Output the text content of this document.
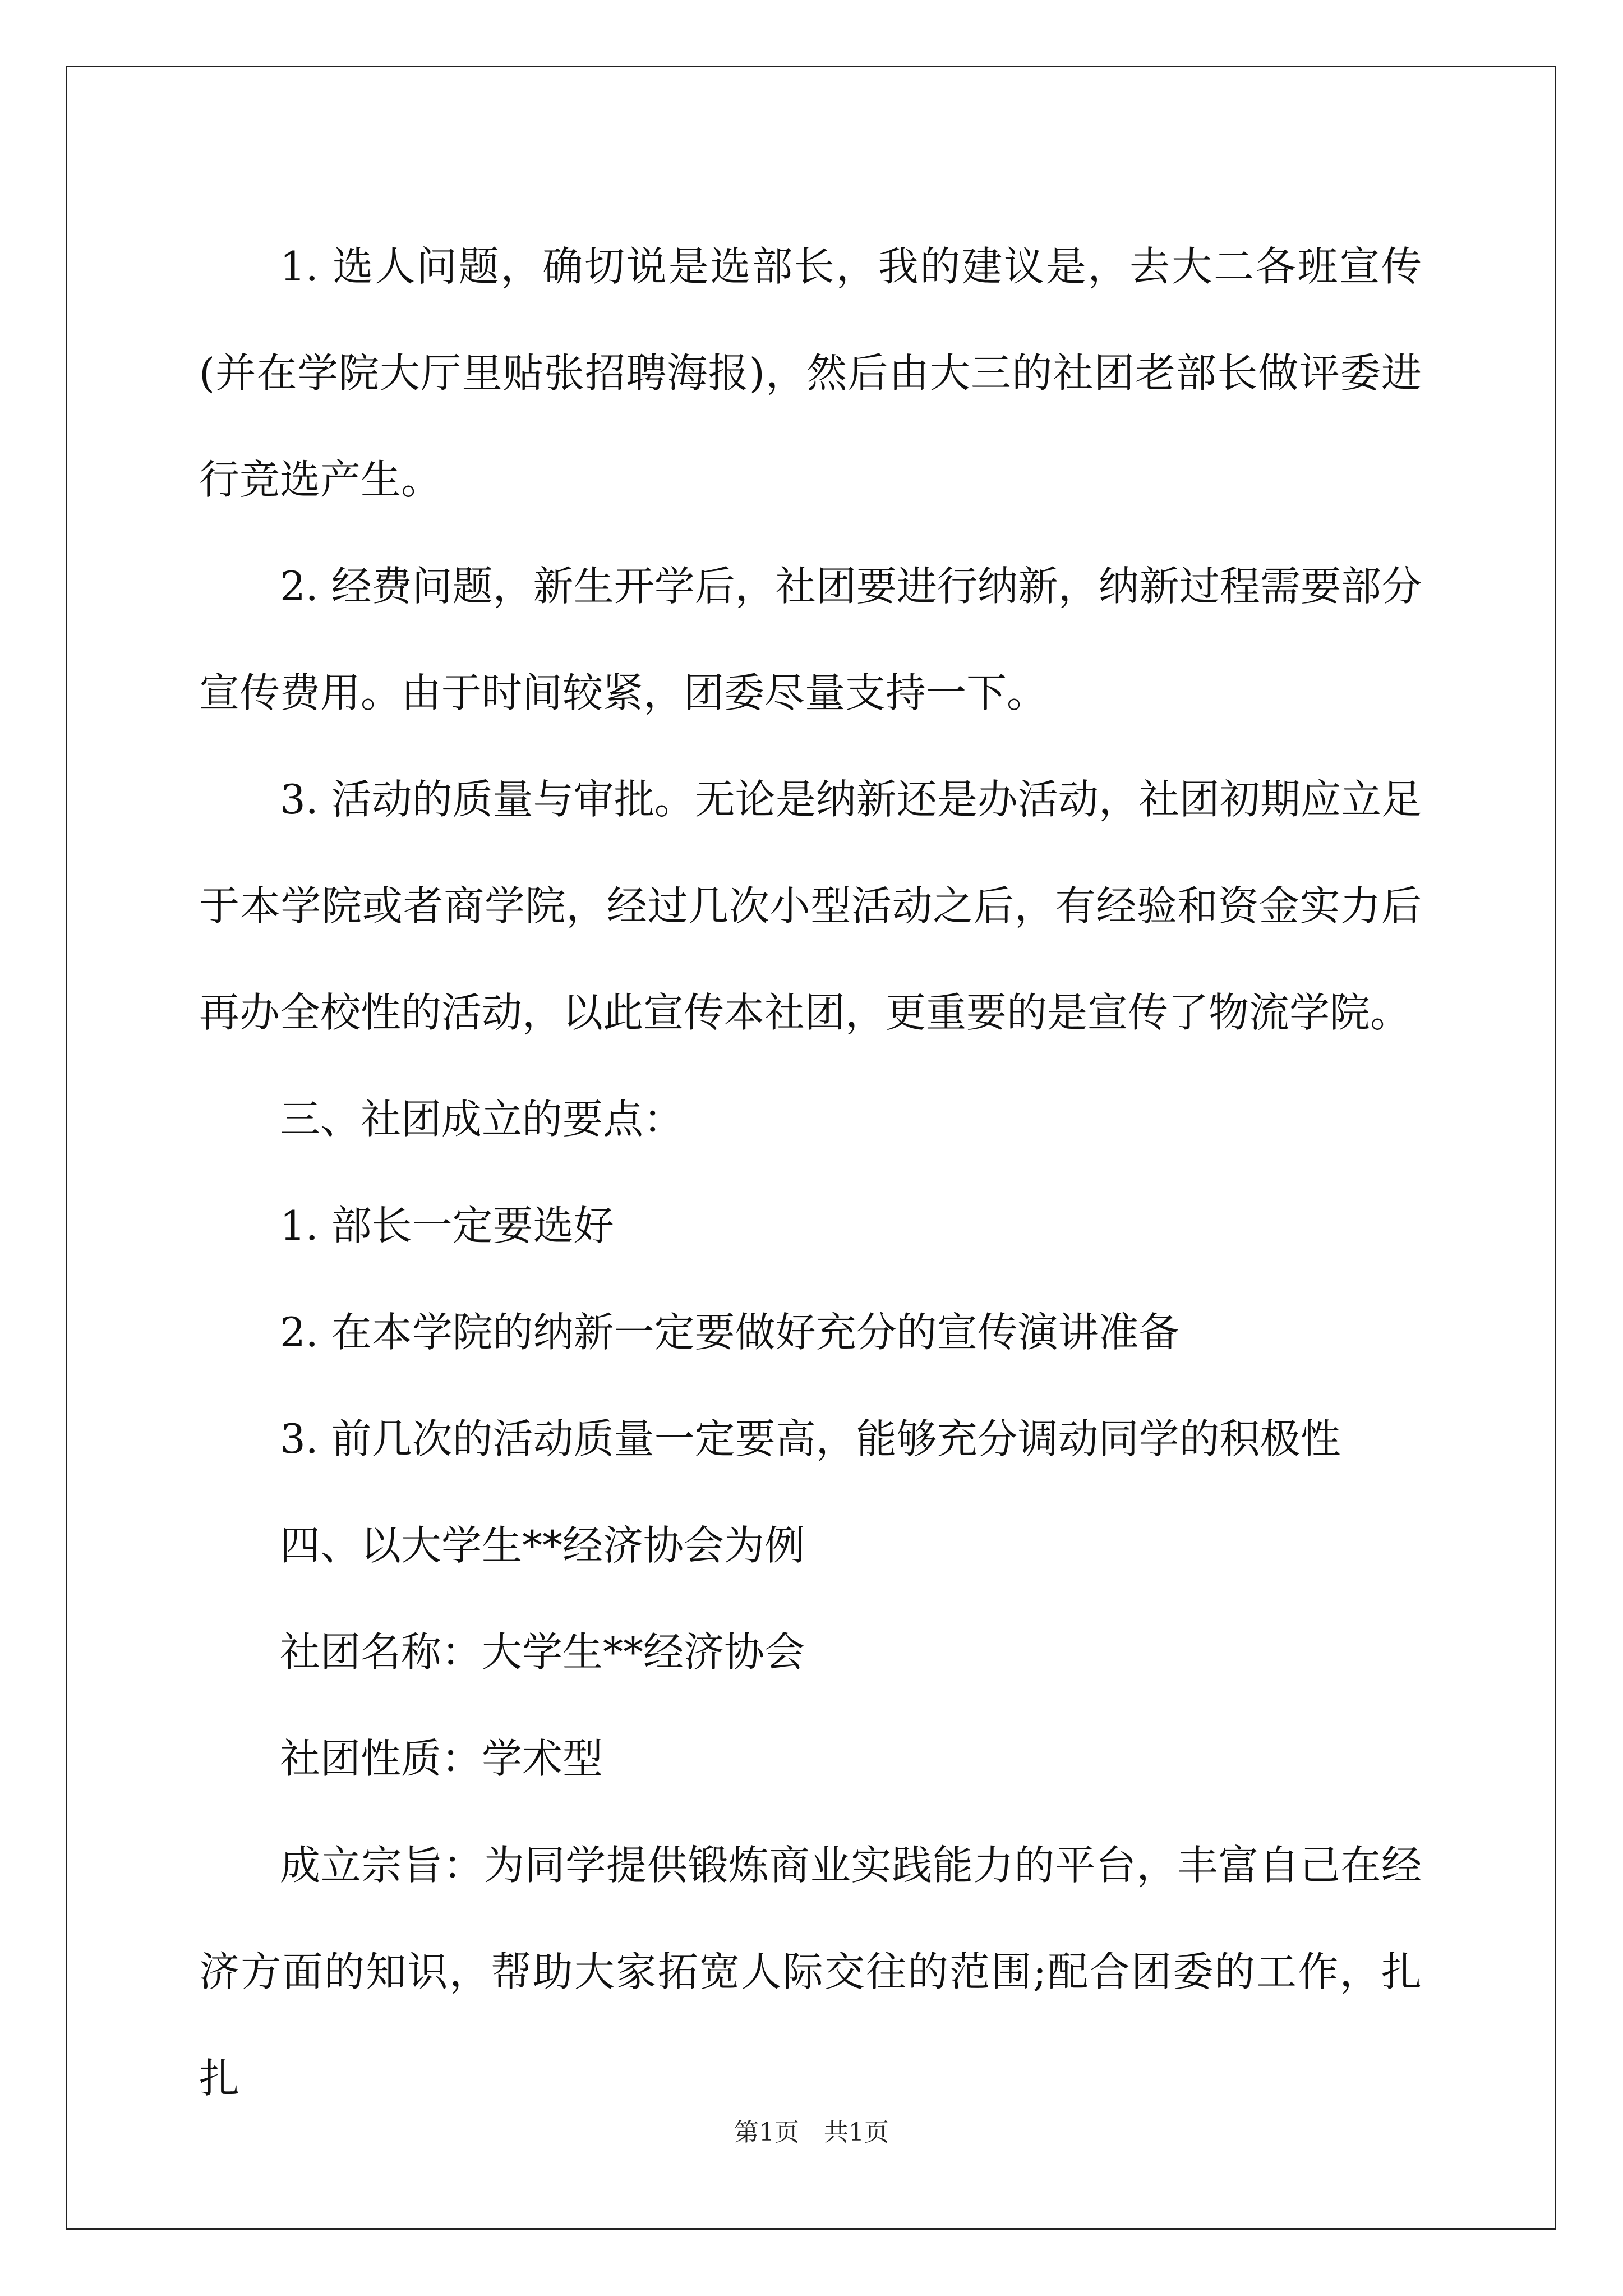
1. 选人问题，确切说是选部长，我的建议是，去大二各班宣传(并在学院大厅里贴张招聘海报)，然后由大三的社团老部长做评委进行竞选产生。

2. 经费问题，新生开学后，社团要进行纳新，纳新过程需要部分宣传费用。由于时间较紧，团委尽量支持一下。

3. 活动的质量与审批。无论是纳新还是办活动，社团初期应立足于本学院或者商学院，经过几次小型活动之后，有经验和资金实力后再办全校性的活动，以此宣传本社团，更重要的是宣传了物流学院。

三、社团成立的要点：

1. 部长一定要选好

2. 在本学院的纳新一定要做好充分的宣传演讲准备

3. 前几次的活动质量一定要高，能够充分调动同学的积极性

四、以大学生**经济协会为例

社团名称：大学生**经济协会

社团性质：学术型

成立宗旨：为同学提供锻炼商业实践能力的平台，丰富自己在经济方面的知识，帮助大家拓宽人际交往的范围;配合团委的工作，扎扎

第1页　共1页
